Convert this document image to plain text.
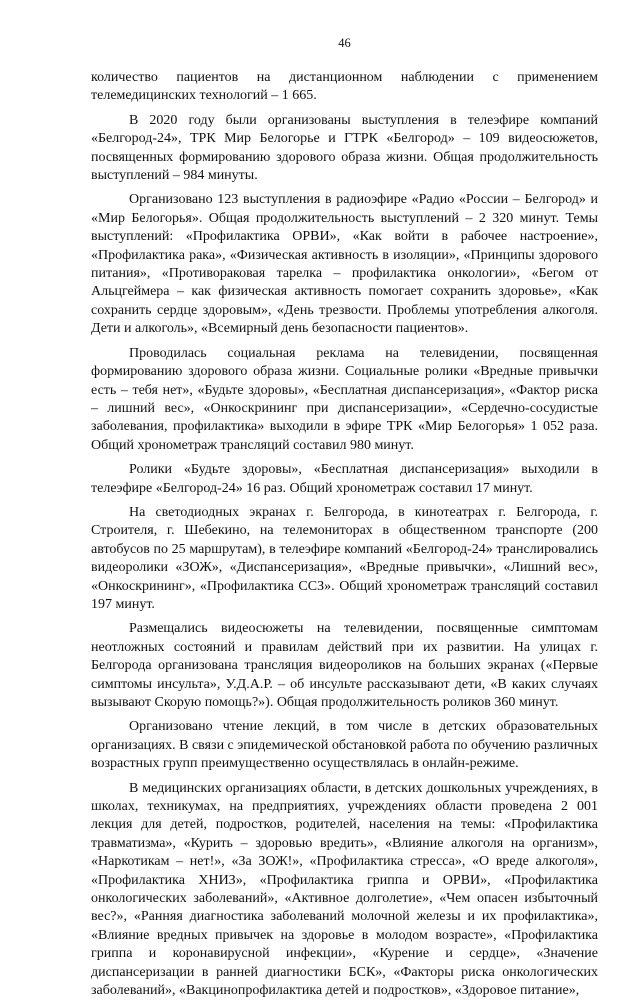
46

количество пациентов на дистанционном наблюдении с применением телемедицинских технологий – 1 665.

В 2020 году были организованы выступления в телеэфире компаний «Белгород-24», ТРК Мир Белогорье и ГТРК «Белгород» – 109 видеосюжетов, посвященных формированию здорового образа жизни. Общая продолжительность выступлений – 984 минуты.

Организовано 123 выступления в радиоэфире «Радио «России – Белгород» и «Мир Белогорья». Общая продолжительность выступлений – 2 320 минут. Темы выступлений: «Профилактика ОРВИ», «Как войти в рабочее настроение», «Профилактика рака», «Физическая активность в изоляции», «Принципы здорового питания», «Противораковая тарелка – профилактика онкологии», «Бегом от Альцгеймера – как физическая активность помогает сохранить здоровье», «Как сохранить сердце здоровым», «День трезвости. Проблемы употребления алкоголя. Дети и алкоголь», «Всемирный день безопасности пациентов».

Проводилась социальная реклама на телевидении, посвященная формированию здорового образа жизни. Социальные ролики «Вредные привычки есть – тебя нет», «Будьте здоровы», «Бесплатная диспансеризация», «Фактор риска – лишний вес», «Онкоскрининг при диспансеризации», «Сердечно-сосудистые заболевания, профилактика» выходили в эфире ТРК «Мир Белогорья» 1 052 раза. Общий хронометраж трансляций составил 980 минут.

Ролики «Будьте здоровы», «Бесплатная диспансеризация» выходили в телеэфире «Белгород-24» 16 раз. Общий хронометраж составил 17 минут.

На светодиодных экранах г. Белгорода, в кинотеатрах г. Белгорода, г. Строителя, г. Шебекино, на телемониторах в общественном транспорте (200 автобусов по 25 маршрутам), в телеэфире компаний «Белгород-24» транслировались видеоролики «ЗОЖ», «Диспансеризация», «Вредные привычки», «Лишний вес», «Онкоскрининг», «Профилактика ССЗ». Общий хронометраж трансляций составил 197 минут.

Размещались видеосюжеты на телевидении, посвященные симптомам неотложных состояний и правилам действий при их развитии. На улицах г. Белгорода организована трансляция видеороликов на больших экранах («Первые симптомы инсульта», У.Д.А.Р. – об инсульте рассказывают дети, «В каких случаях вызывают Скорую помощь?»). Общая продолжительность роликов 360 минут.

Организовано чтение лекций, в том числе в детских образовательных организациях. В связи с эпидемической обстановкой работа по обучению различных возрастных групп преимущественно осуществлялась в онлайн-режиме.

В медицинских организациях области, в детских дошкольных учреждениях, в школах, техникумах, на предприятиях, учреждениях области проведена 2 001 лекция для детей, подростков, родителей, населения на темы: «Профилактика травматизма», «Курить – здоровью вредить», «Влияние алкоголя на организм», «Наркотикам – нет!», «За ЗОЖ!», «Профилактика стресса», «О вреде алкоголя», «Профилактика ХНИЗ», «Профилактика гриппа и ОРВИ», «Профилактика онкологических заболеваний», «Активное долголетие», «Чем опасен избыточный вес?», «Ранняя диагностика заболеваний молочной железы и их профилактика», «Влияние вредных привычек на здоровье в молодом возрасте», «Профилактика гриппа и коронавирусной инфекции», «Курение и сердце», «Значение диспансеризации в ранней диагностики БСК», «Факторы риска онкологических заболеваний», «Вакцинопрофилактика детей и подростков», «Здоровое питание»,
